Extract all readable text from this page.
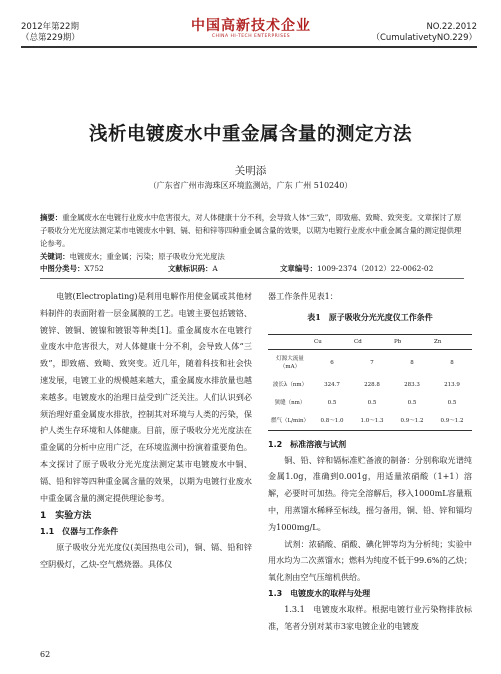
2012年第22期
（总第229期）
中国高新技术企业
CHINA HI-TECH ENTERPRISES
NO.22.2012
（CumulativetyNO.229）
浅析电镀废水中重金属含量的测定方法
关明添
（广东省广州市海珠区环境监测站，广东 广州 510240）
摘要：重金属废水在电镀行业废水中危害很大，对人体健康十分不利，会导致人体“三致”，即致癌、致畸、致突变。文章探讨了原子吸收分光光度法测定某市电镀废水中铜、镉、铅和锌等四种重金属含量的效果，以期为电镀行业废水中重金属含量的测定提供理论参考。
关键词：电镀废水；重金属；污染；原子吸收分光光度法
中图分类号：X752	文献标识码：A	文章编号：1009-2374（2012）22-0062-02

电镀(Electroplating)是利用电解作用使金属或其他材料制件的表面附着一层金属膜的工艺。电镀主要包括镀铬、镀锌、镀铜、镀镍和镀银等种类[1]。重金属废水在电镀行业废水中危害很大，对人体健康十分不利，会导致人体“三致”，即致癌、致畸、致突变。近几年，随着科技和社会快速发展，电镀工业的规模越来越大，重金属废水排放量也越来越多。电镀废水的治理日益受到广泛关注。人们认识到必须治理好重金属废水排放，控制其对环境与人类的污染，保护人类生存环境和人体健康。目前，原子吸收分光光度法在重金属的分析中应用广泛，在环境监测中扮演着重要角色。本文探讨了原子吸收分光光度法测定某市电镀废水中铜、镉、铅和锌等四种重金属含量的效果，以期为电镀行业废水中重金属含量的测定提供理论参考。

1　实验方法
1.1　仪器与工作条件

原子吸收分光光度仪(美国热电公司)，铜、镉、铅和锌空阴极灯，乙炔-空气燃烧器。具体仪

器工作条件见表1：
表1　原子吸收分光光度仪工作条件
	Cu	Cd	Pb	Zn
灯源大流量（mA）	6	7	8	8
波长λ（nm）	324.7	228.8	283.3	213.9
狭缝（nm）	0.5	0.5	0.5	0.5
燃气（L/min）	0.8～1.0	1.0～1.3	0.9～1.2	0.9～1.2
1.2　标准溶液与试剂

铜、铅、锌和镉标准贮备液的制备：分别称取光谱纯金属1.0g，准确到0.001g，用适量浓硝酸（1+1）溶解，必要时可加热。待完全溶解后，移入1000mL容量瓶中，用蒸馏水稀释至标线，摇匀备用，铜、铅、锌和镉均为1000mg/L。

试剂：浓硝酸、硝酸、碘化钾等均为分析纯；实验中用水均为二次蒸馏水；燃料为纯度不低于99.6%的乙炔；氧化剂由空气压缩机供给。

1.3　电镀废水的取样与处理

1.3.1　电镀废水取样。根据电镀行业污染物排放标准，笔者分别对某市3家电镀企业的电镀废

62
